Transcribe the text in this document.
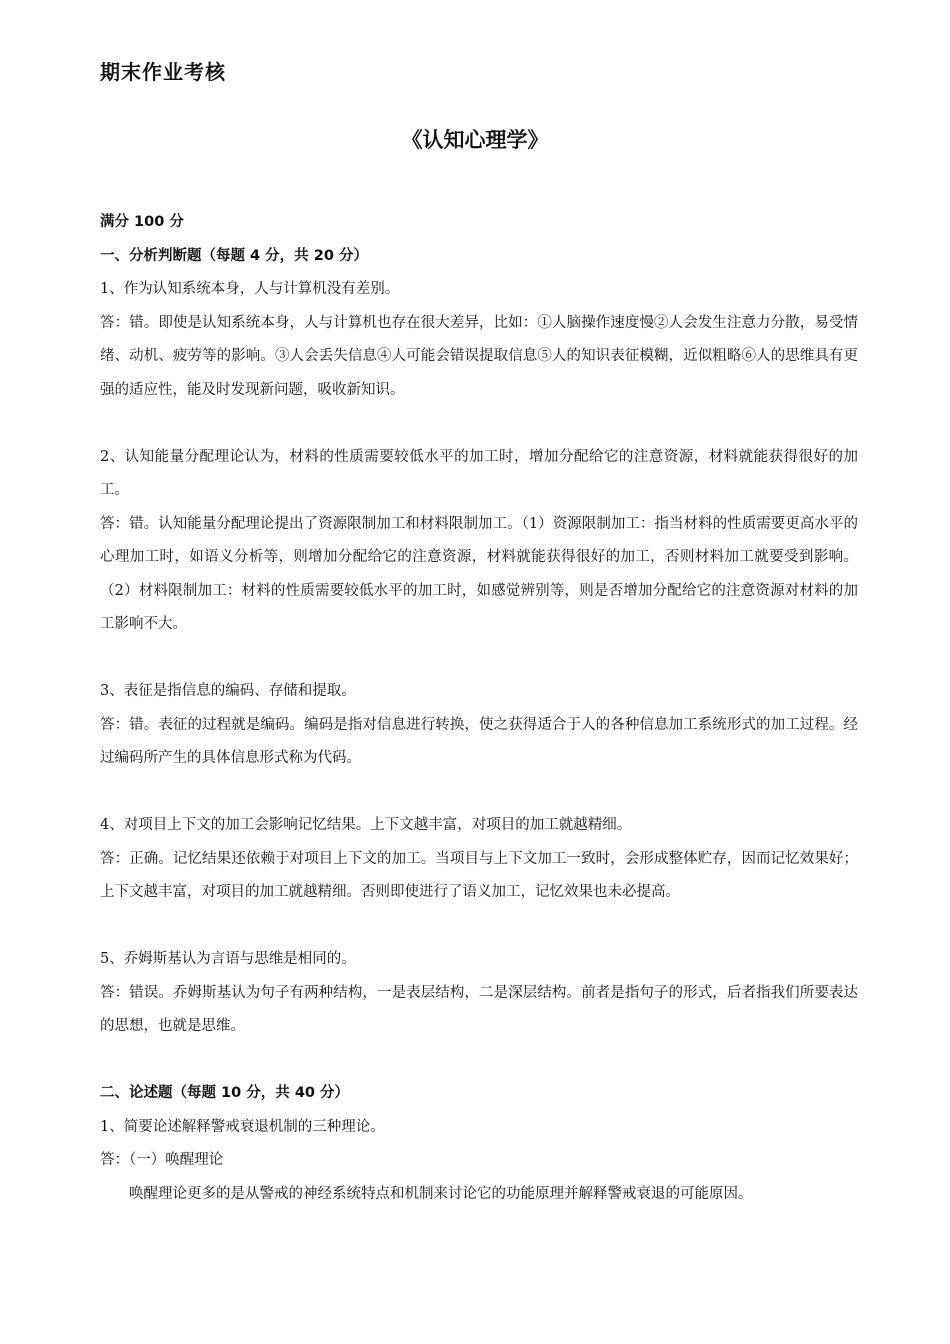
期末作业考核
《认知心理学》

满分 100 分

一、分析判断题（每题 4 分，共 20 分）

1、作为认知系统本身，人与计算机没有差别。

答：错。即使是认知系统本身，人与计算机也存在很大差异，比如：①人脑操作速度慢②人会发生注意力分散，易受情绪、动机、疲劳等的影响。③人会丢失信息④人可能会错误提取信息⑤人的知识表征模糊，近似粗略⑥人的思维具有更强的适应性，能及时发现新问题，吸收新知识。

2、认知能量分配理论认为，材料的性质需要较低水平的加工时，增加分配给它的注意资源，材料就能获得很好的加工。

答：错。认知能量分配理论提出了资源限制加工和材料限制加工。（1）资源限制加工：指当材料的性质需要更高水平的心理加工时，如语义分析等，则增加分配给它的注意资源，材料就能获得很好的加工，否则材料加工就要受到影响。（2）材料限制加工：材料的性质需要较低水平的加工时，如感觉辨别等，则是否增加分配给它的注意资源对材料的加工影响不大。

3、表征是指信息的编码、存储和提取。

答：错。表征的过程就是编码。编码是指对信息进行转换，使之获得适合于人的各种信息加工系统形式的加工过程。经过编码所产生的具体信息形式称为代码。

4、对项目上下文的加工会影响记忆结果。上下文越丰富，对项目的加工就越精细。

答：正确。记忆结果还依赖于对项目上下文的加工。当项目与上下文加工一致时，会形成整体贮存，因而记忆效果好；上下文越丰富，对项目的加工就越精细。否则即使进行了语义加工，记忆效果也未必提高。

5、乔姆斯基认为言语与思维是相同的。

答：错误。乔姆斯基认为句子有两种结构，一是表层结构，二是深层结构。前者是指句子的形式，后者指我们所要表达的思想，也就是思维。

二、论述题（每题 10 分，共 40 分）

1、简要论述解释警戒衰退机制的三种理论。

答：（一）唤醒理论

唤醒理论更多的是从警戒的神经系统特点和机制来讨论它的功能原理并解释警戒衰退的可能原因。
